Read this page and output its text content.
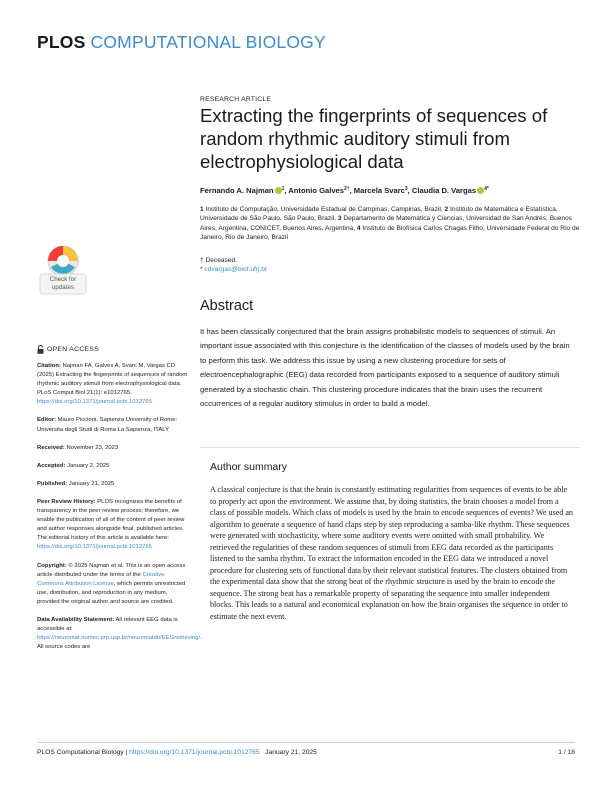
PLOS COMPUTATIONAL BIOLOGY
RESEARCH ARTICLE
Extracting the fingerprints of sequences of random rhythmic auditory stimuli from electrophysiological data
Fernando A. Najman $^1$, Antonio Galves$^{2\dagger}$, Marcela Svarc$^3$, Claudia D. Vargas $^{4*}$
1 Instituto de Computação, Universidade Estadual de Campinas, Campinas, Brazil, 2 Instituto de Matemática e Estatística, Universidade de São Paulo, São Paulo, Brazil, 3 Departamento de Matemática y Ciencias, Universidad de San Andrés, Buenos Aires, Argentina, CONICET, Buenos Aires, Argentina, 4 Instituto de Biofísica Carlos Chagas Filho, Universidade Federal do Rio de Janeiro, Rio de Janeiro, Brazil
† Deceased.
* cdvargas@biof.ufrj.br
Abstract
It has been classically conjectured that the brain assigns probabilistic models to sequences of stimuli. An important issue associated with this conjecture is the identification of the classes of models used by the brain to perform this task. We address this issue by using a new clustering procedure for sets of electroencephalographic (EEG) data recorded from participants exposed to a sequence of auditory stimuli generated by a stochastic chain. This clustering procedure indicates that the brain uses the recurrent occurrences of a regular auditory stimulus in order to build a model.
Author summary
A classical conjecture is that the brain is constantly estimating regularities from sequences of events to be able to properly act upon the environment. We assume that, by doing statistics, the brain chooses a model from a class of possible models. Which class of models is used by the brain to encode sequences of events? We used an algorithm to generate a sequence of hand claps step by step reproducing a samba-like rhythm. These sequences were generated with stochasticity, where some auditory events were omitted with small probability. We retrieved the regularities of these random sequences of stimuli from EEG data recorded as the participants listened to the samba rhythm. To extract the information encoded in the EEG data we introduced a novel procedure for clustering sets of functional data by their relevant statistical features. The clusters obtained from the experimental data show that the strong beat of the rhythmic structure is used by the brain to encode the sequence. The strong beat has a remarkable property of separating the sequence into smaller independent blocks. This leads to a natural and economical explanation on how the brain organises the sequence in order to estimate the next event.
Check for
updates
OPEN ACCESS

Citation: Najman FA, Galves A, Svarc M, Vargas CD (2025) Extracting the fingerprints of sequences of random rhythmic auditory stimuli from electrophysiological data. PLoS Comput Biol 21(1): e1012765. https://doi.org/10.1371/journal.pcbi.1012765

Editor: Mauro Piccioni, Sapienza University of Rome: Universita degli Studi di Roma La Sapienza, ITALY

Received: November 23, 2023

Accepted: January 2, 2025

Published: January 21, 2025

Peer Review History: PLOS recognizes the benefits of transparency in the peer review process; therefore, we enable the publication of all of the content of peer review and author responses alongside final, published articles. The editorial history of this article is available here: https://doi.org/10.1371/journal.pcbi.1012765

Copyright: © 2025 Najman et al. This is an open access article distributed under the terms of the Creative Commons Attribution License, which permits unrestricted use, distribution, and reproduction in any medium, provided the original author and source are credited.

Data Availability Statement: All relevant EEG data is accessible at: https://neuromat.numec.prp.usp.br/neuromatdb/EEGretrieving/. All source codes are

PLOS Computational Biology | https://doi.org/10.1371/journal.pcbi.1012765   January 21, 2025	1 / 18
